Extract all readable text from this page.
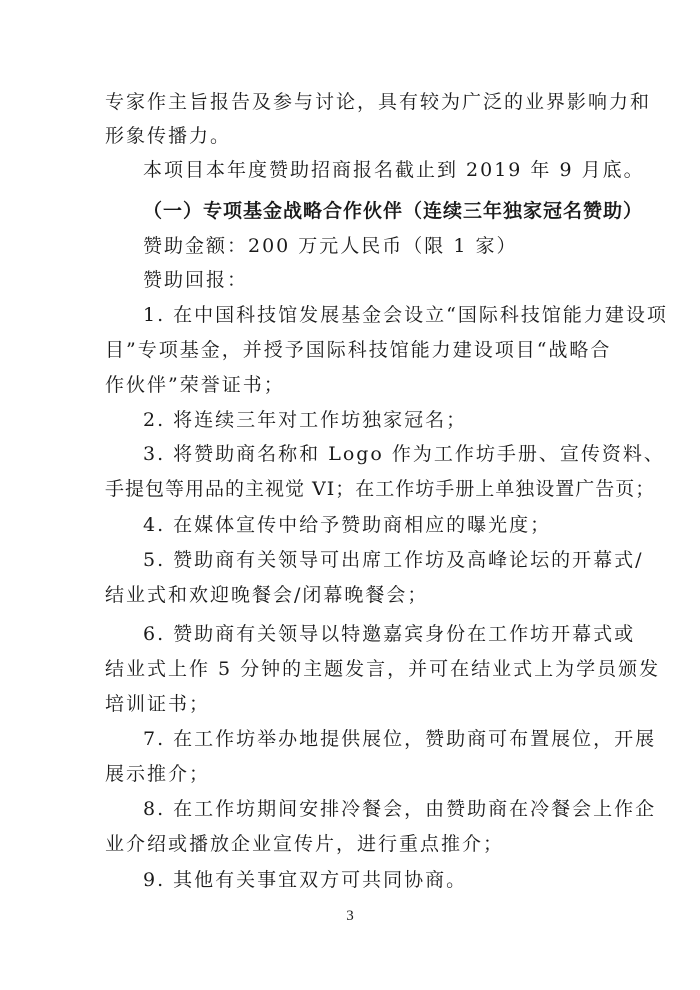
专家作主旨报告及参与讨论，具有较为广泛的业界影响力和
形象传播力。
本项目本年度赞助招商报名截止到 2019 年 9 月底。
（一）专项基金战略合作伙伴（连续三年独家冠名赞助）
赞助金额：200 万元人民币（限 1 家）
赞助回报：
1. 在中国科技馆发展基金会设立“国际科技馆能力建设项
目”专项基金，并授予国际科技馆能力建设项目“战略合
作伙伴”荣誉证书；
2. 将连续三年对工作坊独家冠名；
3. 将赞助商名称和 Logo 作为工作坊手册、宣传资料、
手提包等用品的主视觉 VI；在工作坊手册上单独设置广告页；
4. 在媒体宣传中给予赞助商相应的曝光度；
5. 赞助商有关领导可出席工作坊及高峰论坛的开幕式/
结业式和欢迎晚餐会/闭幕晚餐会；
6. 赞助商有关领导以特邀嘉宾身份在工作坊开幕式或
结业式上作 5 分钟的主题发言，并可在结业式上为学员颁发
培训证书；
7. 在工作坊举办地提供展位，赞助商可布置展位，开展
展示推介；
8. 在工作坊期间安排冷餐会，由赞助商在冷餐会上作企
业介绍或播放企业宣传片，进行重点推介；
9. 其他有关事宜双方可共同协商。
3
